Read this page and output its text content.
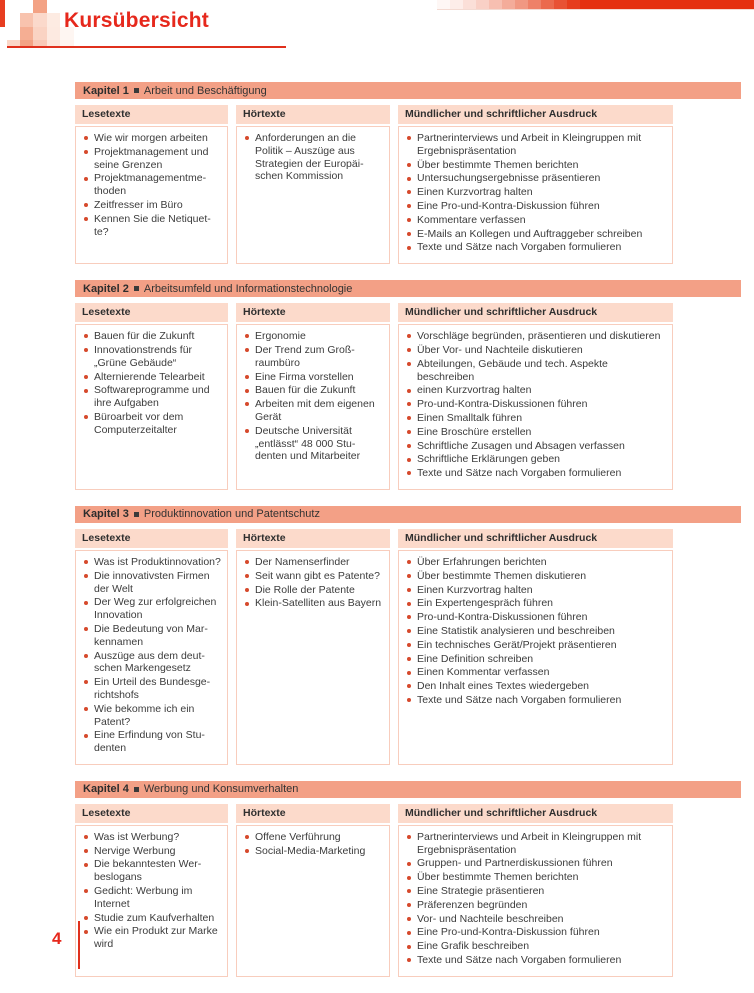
Kursübersicht
Kapitel 1 Arbeit und Beschäftigung
Lesetexte
Wie wir morgen arbeiten
Projektmanagement und seine Grenzen
Projektmanagementmethoden
Zeitfresser im Büro
Kennen Sie die Netiquette?
Hörtexte
Anforderungen an die Politik – Auszüge aus Strategien der Europäischen Kommission
Mündlicher und schriftlicher Ausdruck
Partnerinterviews und Arbeit in Kleingruppen mit Ergebnispräsentation
Über bestimmte Themen berichten
Untersuchungsergebnisse präsentieren
Einen Kurzvortrag halten
Eine Pro-und-Kontra-Diskussion führen
Kommentare verfassen
E-Mails an Kollegen und Auftraggeber schreiben
Texte und Sätze nach Vorgaben formulieren
Kapitel 2 Arbeitsumfeld und Informationstechnologie
Lesetexte
Bauen für die Zukunft
Innovationstrends für „Grüne Gebäude“
Alternierende Telearbeit
Softwareprogramme und ihre Aufgaben
Büroarbeit vor dem Computerzeitalter
Hörtexte
Ergonomie
Der Trend zum Großraumbüro
Eine Firma vorstellen
Bauen für die Zukunft
Arbeiten mit dem eigenen Gerät
Deutsche Universität „entlässt“ 48 000 Studenten und Mitarbeiter
Mündlicher und schriftlicher Ausdruck
Vorschläge begründen, präsentieren und diskutieren
Über Vor- und Nachteile diskutieren
Abteilungen, Gebäude und tech. Aspekte beschreiben
einen Kurzvortrag halten
Pro-und-Kontra-Diskussionen führen
Einen Smalltalk führen
Eine Broschüre erstellen
Schriftliche Zusagen und Absagen verfassen
Schriftliche Erklärungen geben
Texte und Sätze nach Vorgaben formulieren
Kapitel 3 Produktinnovation und Patentschutz
Lesetexte
Was ist Produktinnovation?
Die innovativsten Firmen der Welt
Der Weg zur erfolgreichen Innovation
Die Bedeutung von Markennamen
Auszüge aus dem deutschen Markengesetz
Ein Urteil des Bundesgerichtshofs
Wie bekomme ich ein Patent?
Eine Erfindung von Studenten
Hörtexte
Der Namenserfinder
Seit wann gibt es Patente?
Die Rolle der Patente
Klein-Satelliten aus Bayern
Mündlicher und schriftlicher Ausdruck
Über Erfahrungen berichten
Über bestimmte Themen diskutieren
Einen Kurzvortrag halten
Ein Expertengespräch führen
Pro-und-Kontra-Diskussionen führen
Eine Statistik analysieren und beschreiben
Ein technisches Gerät/Projekt präsentieren
Eine Definition schreiben
Einen Kommentar verfassen
Den Inhalt eines Textes wiedergeben
Texte und Sätze nach Vorgaben formulieren
Kapitel 4 Werbung und Konsumverhalten
Lesetexte
Was ist Werbung?
Nervige Werbung
Die bekanntesten Werbeslogans
Gedicht: Werbung im Internet
Studie zum Kaufverhalten
Wie ein Produkt zur Marke wird
Hörtexte
Offene Verführung
Social-Media-Marketing
Mündlicher und schriftlicher Ausdruck
Partnerinterviews und Arbeit in Kleingruppen mit Ergebnispräsentation
Gruppen- und Partnerdiskussionen führen
Über bestimmte Themen berichten
Eine Strategie präsentieren
Präferenzen begründen
Vor- und Nachteile beschreiben
Eine Pro-und-Kontra-Diskussion führen
Eine Grafik beschreiben
Texte und Sätze nach Vorgaben formulieren
4
